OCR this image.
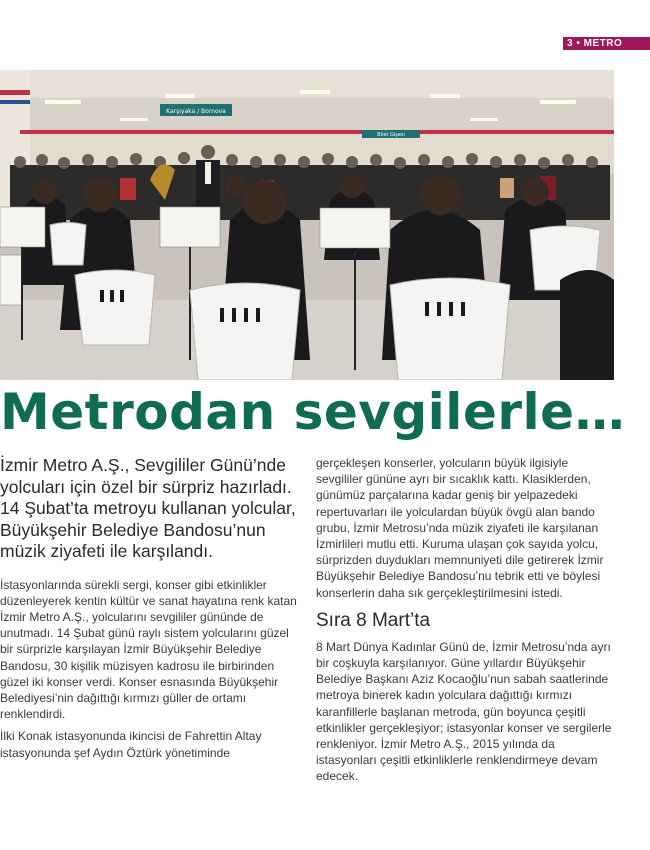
3 • METRO
Karşıyaka / Bornova
Bilet Gişesi
Metrodan sevgilerle…

İzmir Metro A.Ş., Sevgililer Günü’nde yolcuları için özel bir sürpriz hazırladı. 14 Şubat’ta metroyu kullanan yolcular, Büyükşehir Belediye Bandosu’nun müzik ziyafeti ile karşılandı.

İstasyonlarında sürekli sergi, konser gibi etkinlikler düzenleyerek kentin kültür ve sanat hayatına renk katan İzmir Metro A.Ş., yolcularını sevgililer gününde de unutmadı. 14 Şubat günü raylı sistem yolcularını güzel bir sürprizle karşılayan İzmir Büyükşehir Belediye Bandosu, 30 kişilik müzisyen kadrosu ile birbirinden güzel iki konser verdi. Konser esnasında Büyükşehir Belediyesi’nin dağıttığı kırmızı güller de ortamı renklendirdi.

İlki Konak istasyonunda ikincisi de Fahrettin Altay istasyonunda şef Aydın Öztürk yönetiminde

gerçekleşen konserler, yolcuların büyük ilgisiyle sevgililer gününe ayrı bir sıcaklık kattı. Klasiklerden, günümüz parçalarına kadar geniş bir yelpazedeki repertuvarları ile yolculardan büyük övgü alan bando grubu, İzmir Metrosu’nda müzik ziyafeti ile karşılanan İzmirlileri mutlu etti. Kuruma ulaşan çok sayıda yolcu, sürprizden duydukları memnuniyeti dile getirerek İzmir Büyükşehir Belediye Bandosu’nu tebrik etti ve böylesi konserlerin daha sık gerçekleştirilmesini istedi.

Sıra 8 Mart’ta

8 Mart Dünya Kadınlar Günü de, İzmir Metrosu’nda ayrı bir coşkuyla karşılanıyor. Güne yıllardır Büyükşehir Belediye Başkanı Aziz Kocaoğlu’nun sabah saatlerinde metroya binerek kadın yolculara dağıttığı kırmızı karanfillerle başlanan metroda, gün boyunca çeşitli etkinlikler gerçekleşiyor; istasyonlar konser ve sergilerle renkleniyor. İzmir Metro A.Ş., 2015 yılında da istasyonları çeşitli etkinliklerle renklendirmeye devam edecek.
